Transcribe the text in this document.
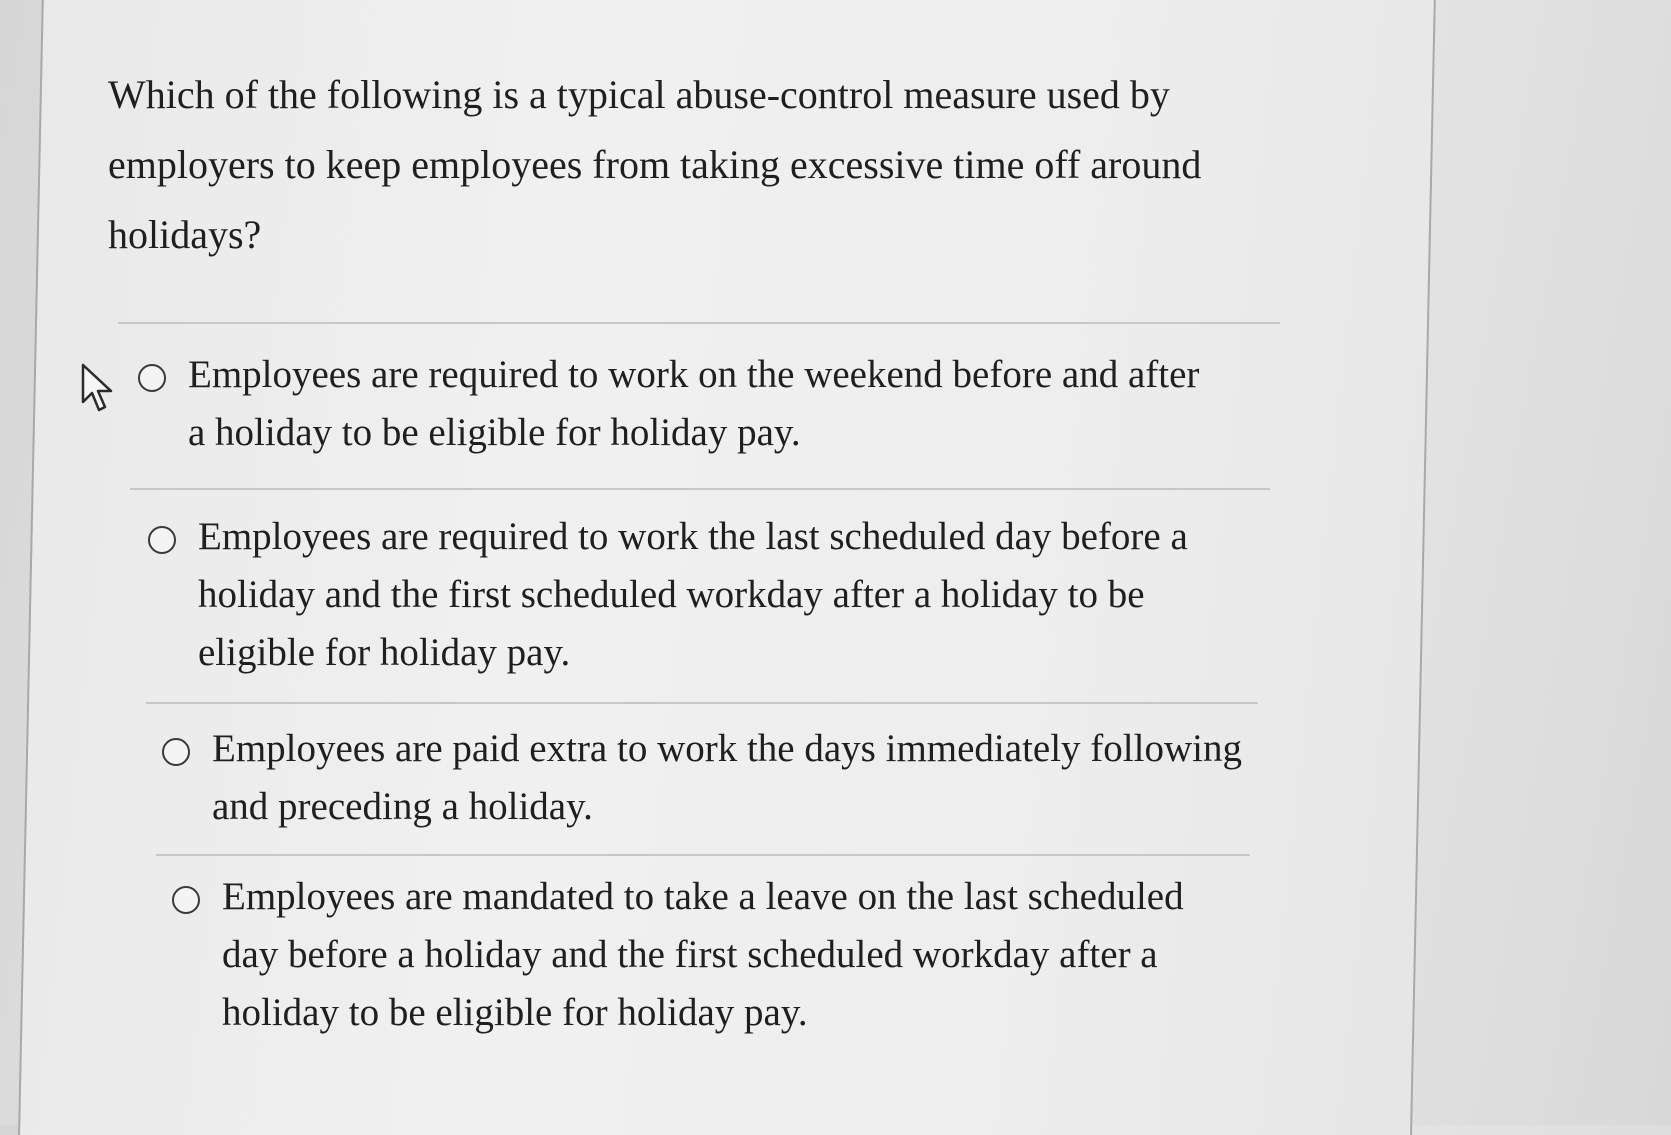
Which of the following is a typical abuse-control measure used by employers to keep employees from taking excessive time off around holidays?
Employees are required to work on the weekend before and after a holiday to be eligible for holiday pay.
Employees are required to work the last scheduled day before a holiday and the first scheduled workday after a holiday to be eligible for holiday pay.
Employees are paid extra to work the days immediately following and preceding a holiday.
Employees are mandated to take a leave on the last scheduled day before a holiday and the first scheduled workday after a holiday to be eligible for holiday pay.
